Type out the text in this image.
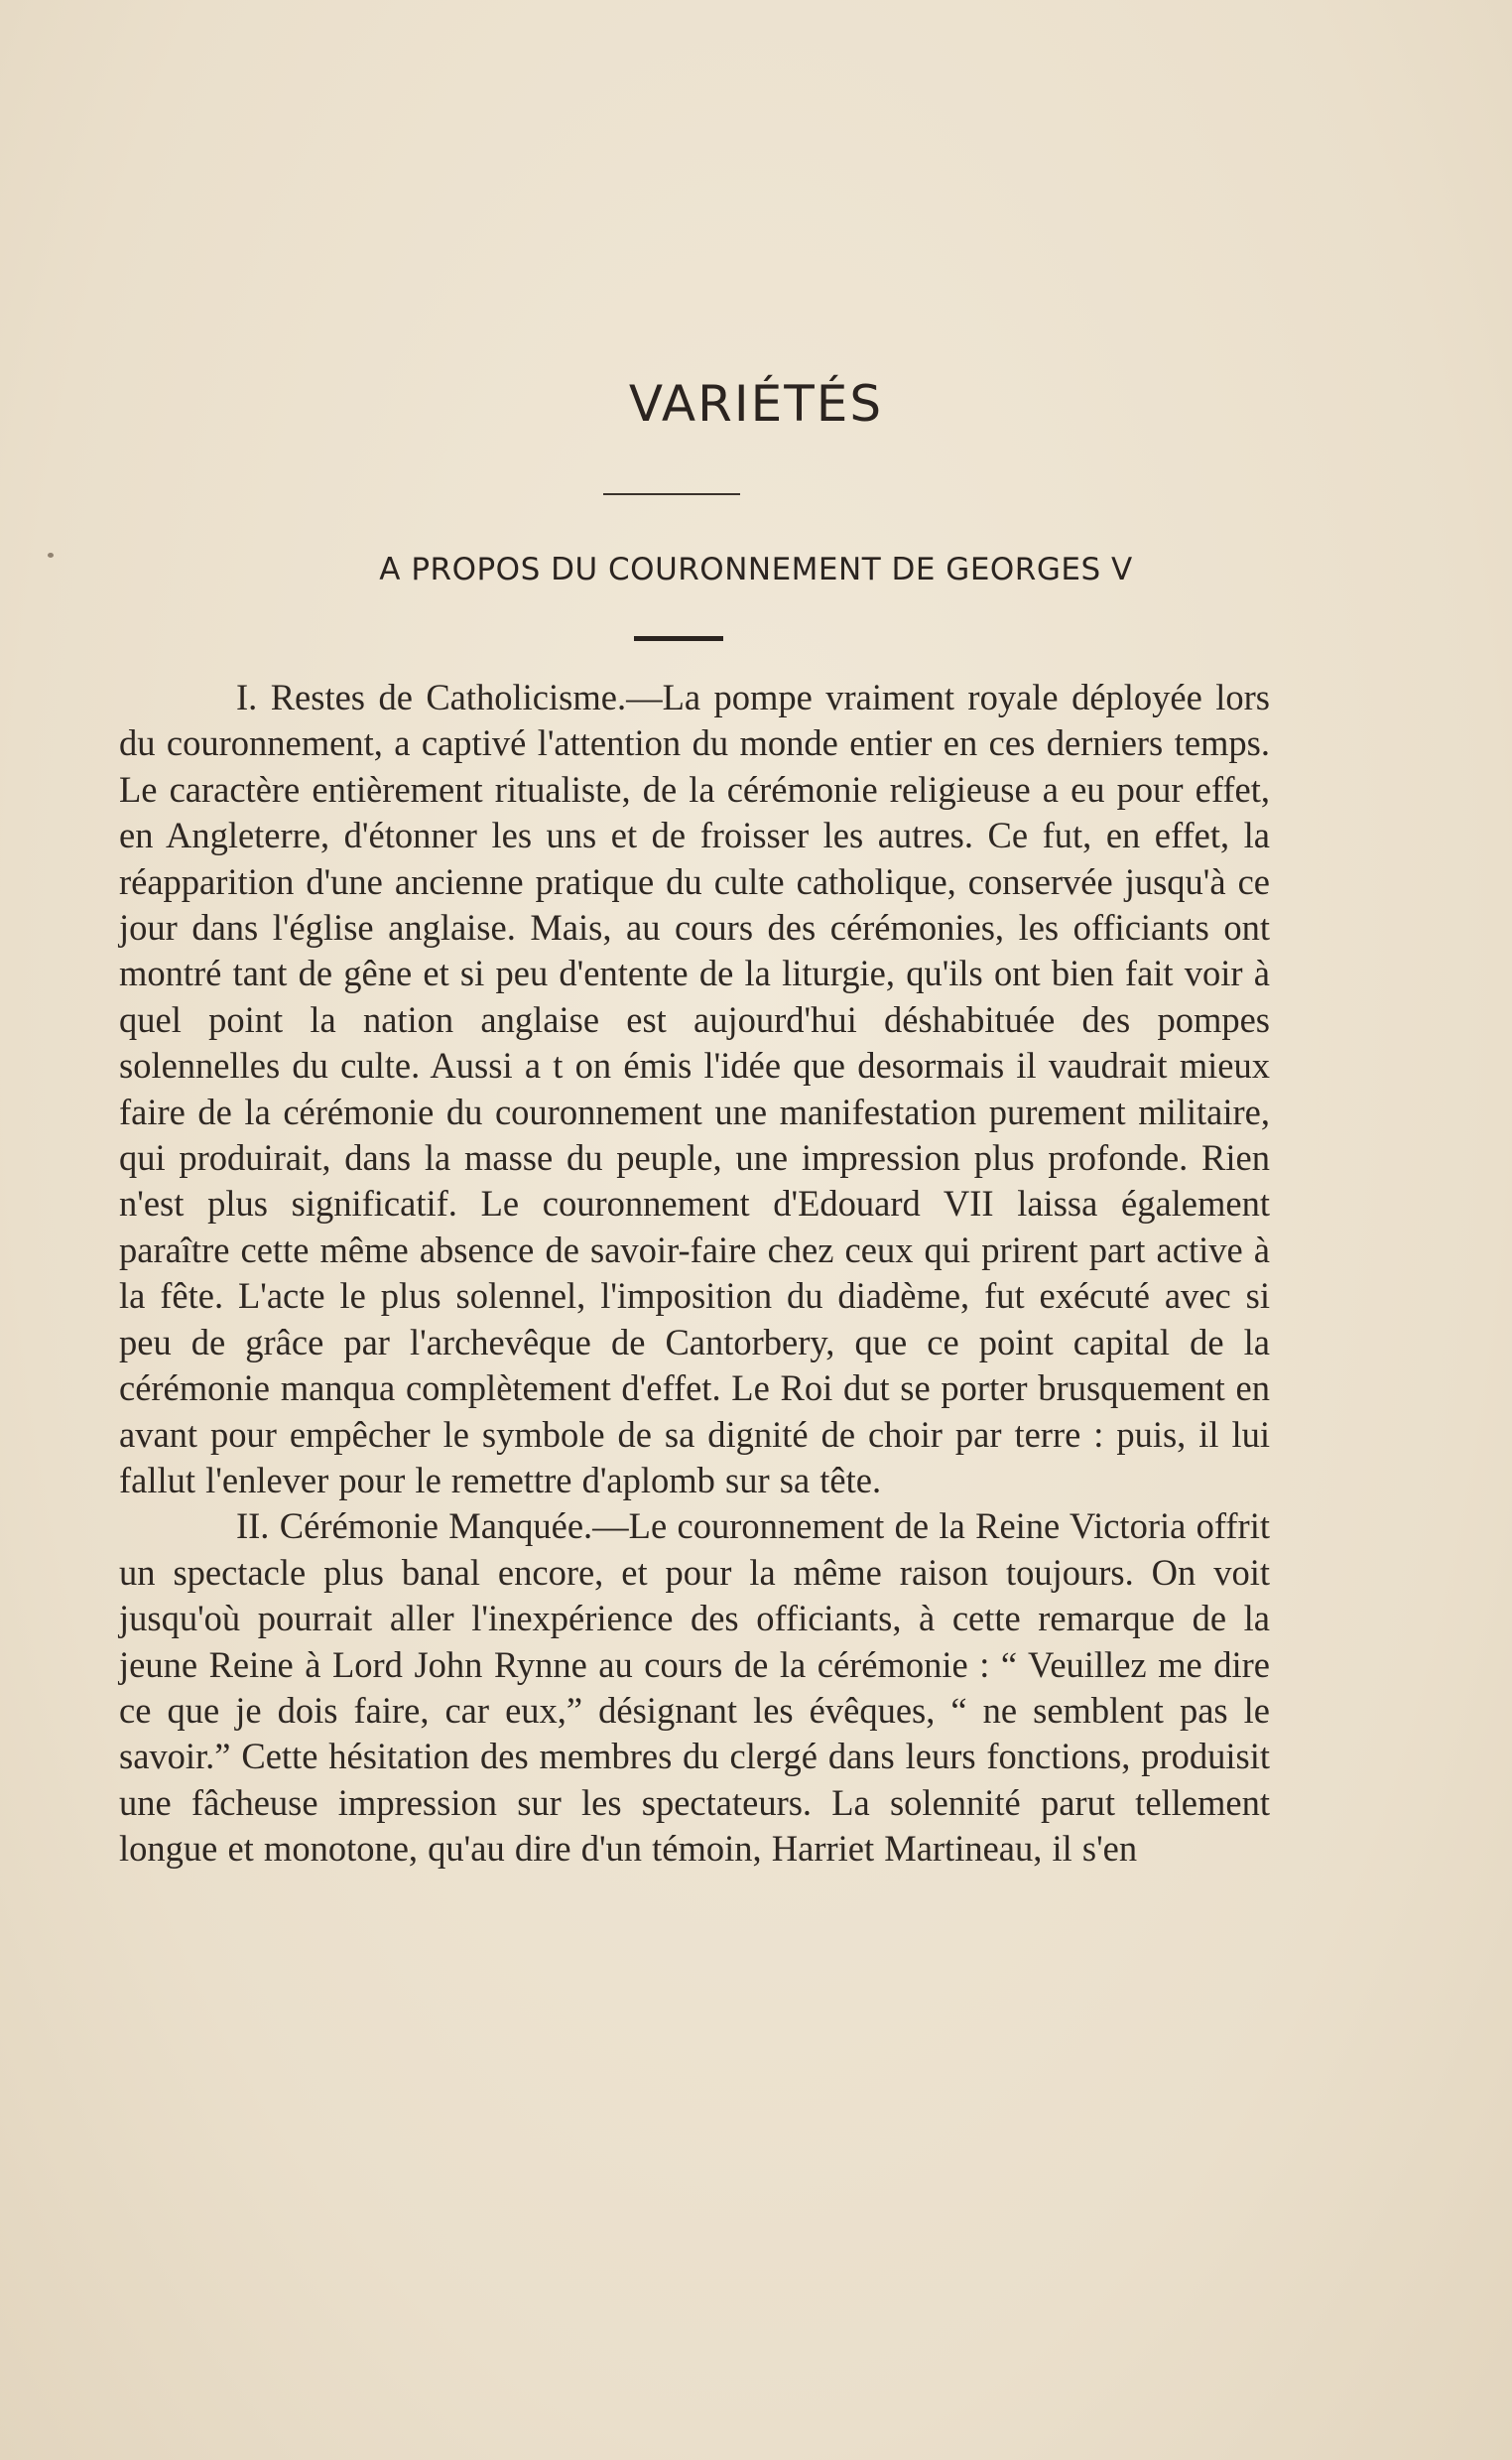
VARIÉTÉS
A PROPOS DU COURONNEMENT DE GEORGES V

I. Restes de Catholicisme.—La pompe vraiment royale déployée lors du couronnement, a captivé l'attention du monde entier en ces derniers temps. Le caractère entièrement ritualiste, de la cérémonie religieuse a eu pour effet, en Angleterre, d'étonner les uns et de froisser les autres. Ce fut, en effet, la réapparition d'une ancienne pratique du culte catholique, conservée jusqu'à ce jour dans l'église anglaise. Mais, au cours des cérémonies, les officiants ont montré tant de gêne et si peu d'entente de la liturgie, qu'ils ont bien fait voir à quel point la nation anglaise est aujourd'hui déshabituée des pompes solennelles du culte. Aussi a t on émis l'idée que desormais il vaudrait mieux faire de la cérémonie du couronnement une manifestation purement militaire, qui produirait, dans la masse du peuple, une impression plus profonde. Rien n'est plus significatif. Le couronnement d'Edouard VII laissa également paraître cette même absence de savoir-faire chez ceux qui prirent part active à la fête. L'acte le plus solennel, l'imposition du diadème, fut exécuté avec si peu de grâce par l'archevêque de Cantorbery, que ce point capital de la cérémonie manqua complètement d'effet. Le Roi dut se porter brusquement en avant pour empêcher le symbole de sa dignité de choir par terre : puis, il lui fallut l'enlever pour le remettre d'aplomb sur sa tête.

II. Cérémonie Manquée.—Le couronnement de la Reine Victoria offrit un spectacle plus banal encore, et pour la même raison toujours. On voit jusqu'où pourrait aller l'inexpérience des officiants, à cette remarque de la jeune Reine à Lord John Rynne au cours de la cérémonie : “ Veuillez me dire ce que je dois faire, car eux,” désignant les évêques, “ ne semblent pas le savoir.” Cette hésitation des membres du clergé dans leurs fonctions, produisit une fâcheuse impression sur les spectateurs. La solennité parut tellement longue et monotone, qu'au dire d'un témoin, Harriet Martineau, il s'en
